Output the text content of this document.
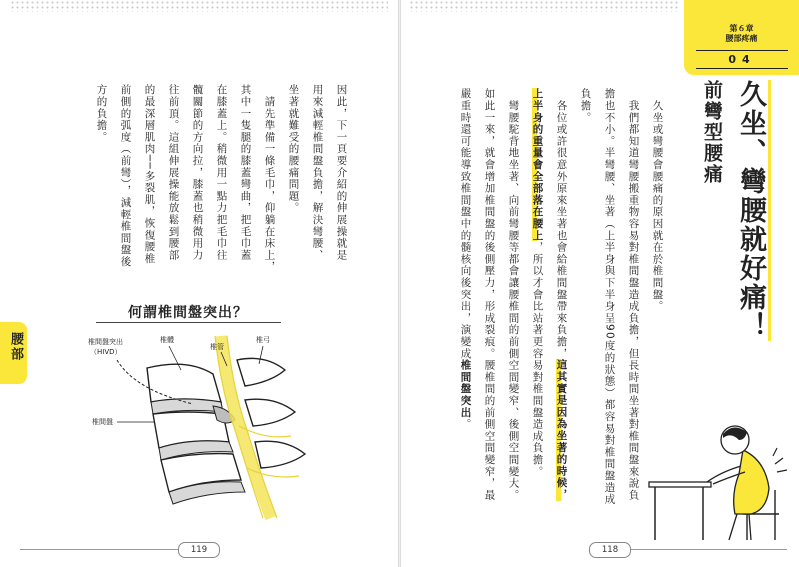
因此，下一頁要介紹的伸展操就是
用來減輕椎間盤負擔，解決彎腰、
坐著就難受的腰痛問題。
　請先準備一條毛巾，仰躺在床上，
其中一隻腿的膝蓋彎曲，把毛巾蓋
在膝蓋上。稍微用一點力把毛巾往
髖關節的方向拉，膝蓋也稍微用力
往前頂。這組伸展操能放鬆到腰部
的最深層肌肉──多裂肌，恢復腰椎
前側的弧度（前彎），減輕椎間盤後
方的負擔。
腰部
何謂椎間盤突出？
椎間盤突出
（HIVD）
椎體
椎管
椎弓
椎間盤
119
　久坐或彎腰會腰痛的原因就在於椎間盤。
　我們都知道彎腰搬重物容易對椎間盤造成負擔，但長時間坐著對椎間盤來說負
擔也不小。半彎腰、坐著（上半身與下半身呈90度的狀態）都容易對椎間盤造成
負擔。
　各位或許很意外原來坐著也會給椎間盤帶來負擔，這其實是因為坐著的時候，
上半身的重量會全部落在腰上，所以才會比站著更容易對椎間盤造成負擔。
　彎腰駝背地坐著、向前彎腰等都會讓腰椎間的前側空間變窄、後側空間變大。
如此一來，就會增加椎間盤的後側壓力，形成裂痕。腰椎間的前側空間變窄，最
嚴重時還可能導致椎間盤中的髓核向後突出，演變成椎間盤突出。
118
第６章
腰部疼痛
04
久坐、彎腰就好痛！
前彎型腰痛
